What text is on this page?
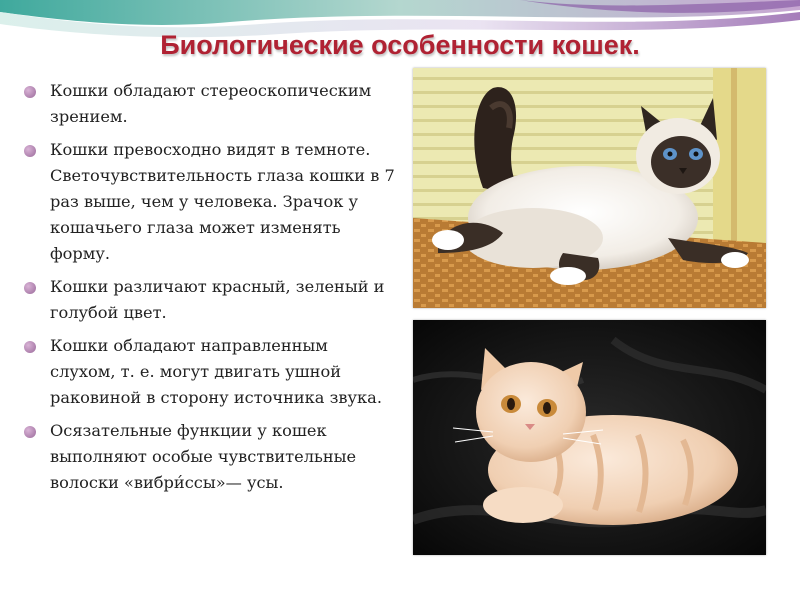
Биологические особенности кошек.
Кошки обладают стереоскопическим зрением.
Кошки превосходно видят в темноте. Светочувствительность глаза кошки в 7 раз выше, чем у человека. Зрачок у кошачьего глаза может изменять форму.
Кошки различают красный, зеленый и голубой цвет.
Кошки обладают направленным слухом, т. е. могут двигать ушной раковиной в сторону источника звука.
Осязательные функции у кошек выполняют особые чувствительные волоски «вибри́ссы»— усы.
